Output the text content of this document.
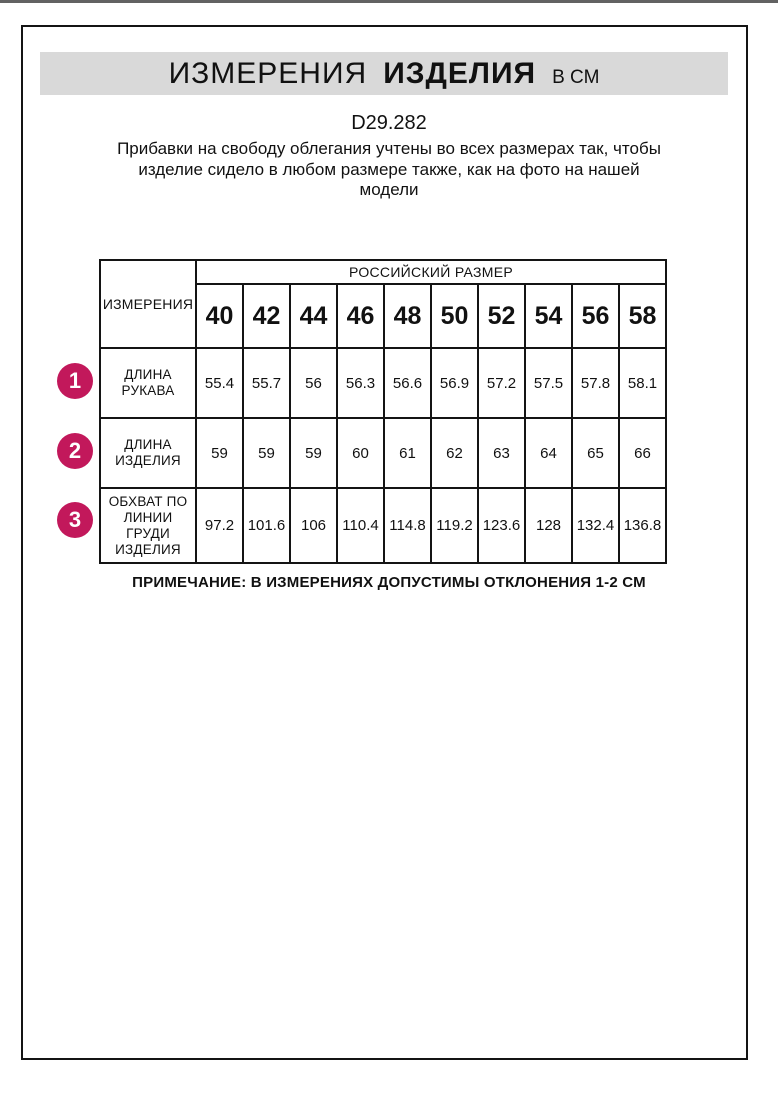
ИЗМЕРЕНИЯ ИЗДЕЛИЯ В СМ
D29.282
Прибавки на свободу облегания учтены во всех размерах так, чтобы
изделие сидело в любом размере также, как на фото на нашей
модели
ИЗМЕРЕНИЯ	РОССИЙСКИЙ РАЗМЕР									
	40	42	44	46	48	50	52	54	56	58
ДЛИНА РУКАВА	55.4	55.7	56	56.3	56.6	56.9	57.2	57.5	57.8	58.1
ДЛИНА ИЗДЕЛИЯ	59	59	59	60	61	62	63	64	65	66
ОБХВАТ ПО ЛИНИИ ГРУДИ ИЗДЕЛИЯ	97.2	101.6	106	110.4	114.8	119.2	123.6	128	132.4	136.8
1
2
3
ПРИМЕЧАНИЕ: В ИЗМЕРЕНИЯХ ДОПУСТИМЫ ОТКЛОНЕНИЯ 1-2 СМ
